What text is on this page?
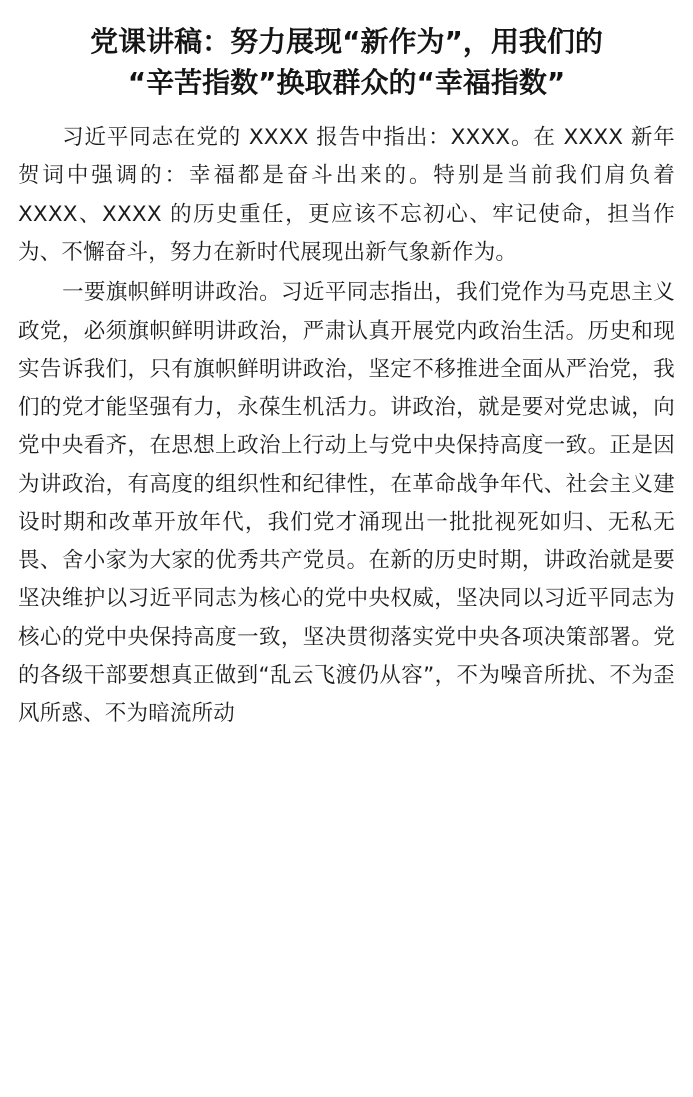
党课讲稿：努力展现“新作为”，用我们的
“辛苦指数”换取群众的“幸福指数”

习近平同志在党的 XXXX 报告中指出：XXXX。在 XXXX 新年贺词中强调的：幸福都是奋斗出来的。特别是当前我们肩负着 XXXX、XXXX 的历史重任，更应该不忘初心、牢记使命，担当作为、不懈奋斗，努力在新时代展现出新气象新作为。

一要旗帜鲜明讲政治。习近平同志指出，我们党作为马克思主义政党，必须旗帜鲜明讲政治，严肃认真开展党内政治生活。历史和现实告诉我们，只有旗帜鲜明讲政治，坚定不移推进全面从严治党，我们的党才能坚强有力，永葆生机活力。讲政治，就是要对党忠诚，向党中央看齐，在思想上政治上行动上与党中央保持高度一致。正是因为讲政治，有高度的组织性和纪律性，在革命战争年代、社会主义建设时期和改革开放年代，我们党才涌现出一批批视死如归、无私无畏、舍小家为大家的优秀共产党员。在新的历史时期，讲政治就是要坚决维护以习近平同志为核心的党中央权威，坚决同以习近平同志为核心的党中央保持高度一致，坚决贯彻落实党中央各项决策部署。党的各级干部要想真正做到“乱云飞渡仍从容”，不为噪音所扰、不为歪风所惑、不为暗流所动
